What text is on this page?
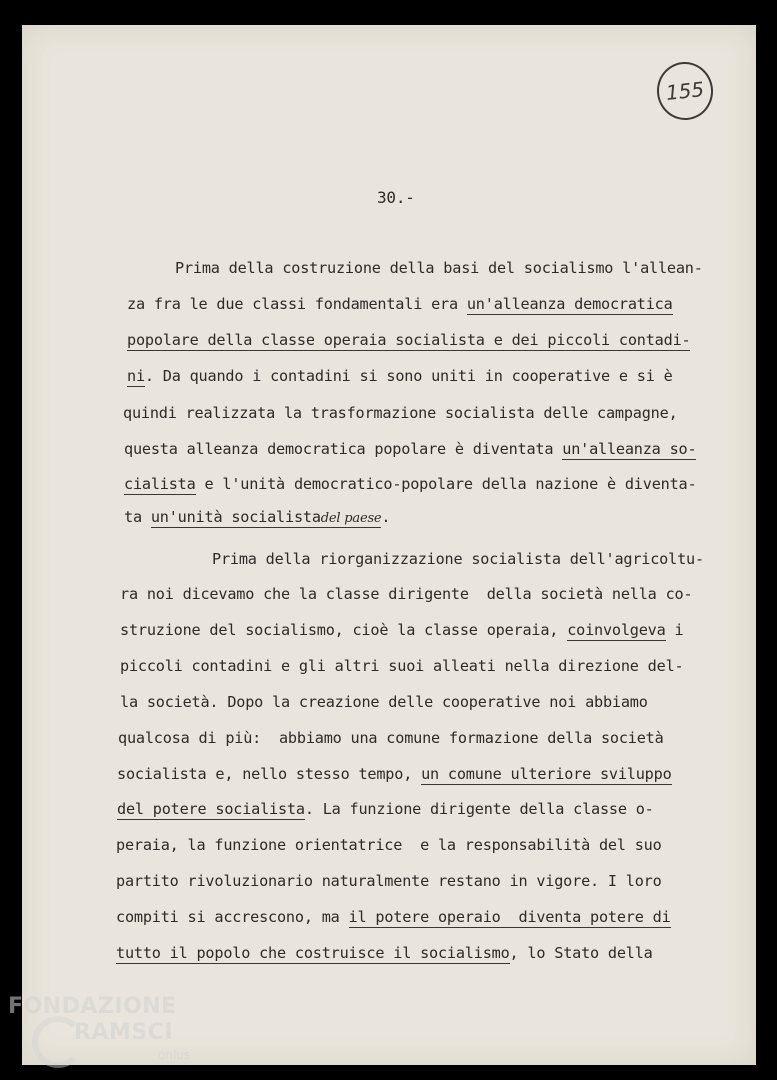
155
30.-
Prima della costruzione della basi del socialismo l'allean-
za fra le due classi fondamentali era un'alleanza democratica
popolare della classe operaia socialista e dei piccoli contadi-
ni. Da quando i contadini si sono uniti in cooperative e si è
quindi realizzata la trasformazione socialista delle campagne,
questa alleanza democratica popolare è diventata un'alleanza so-
cialista e l'unità democratico-popolare della nazione è diventa-
ta un'unità socialistadel paese.
Prima della riorganizzazione socialista dell'agricoltu-
ra noi dicevamo che la classe dirigente  della società nella co-
struzione del socialismo, cioè la classe operaia, coinvolgeva i
piccoli contadini e gli altri suoi alleati nella direzione del-
la società. Dopo la creazione delle cooperative noi abbiamo
qualcosa di più:  abbiamo una comune formazione della società
socialista e, nello stesso tempo, un comune ulteriore sviluppo
del potere socialista. La funzione dirigente della classe o-
peraia, la funzione orientatrice  e la responsabilità del suo
partito rivoluzionario naturalmente restano in vigore. I loro
compiti si accrescono, ma il potere operaio  diventa potere di
tutto il popolo che costruisce il socialismo, lo Stato della
FONDAZIONE
RAMSCI
onlus
